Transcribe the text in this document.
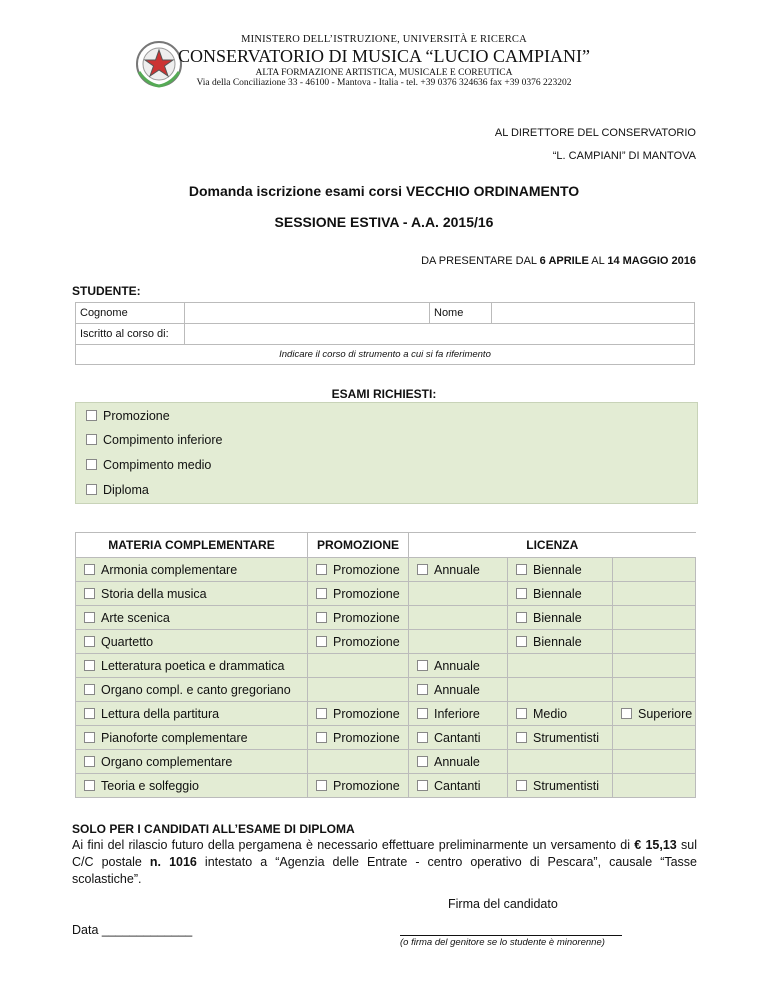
MINISTERO DELL’ISTRUZIONE, UNIVERSITÀ E RICERCA
CONSERVATORIO DI MUSICA “LUCIO CAMPIANI”
ALTA FORMAZIONE ARTISTICA, MUSICALE E COREUTICA
Via della Conciliazione 33 - 46100 - Mantova - Italia - tel. +39 0376 324636 fax +39 0376 223202
AL DIRETTORE DEL CONSERVATORIO
“L. CAMPIANI” DI MANTOVA
Domanda iscrizione esami corsi VECCHIO ORDINAMENTO
SESSIONE ESTIVA - A.A. 2015/16
DA PRESENTARE DAL 6 APRILE AL 14 MAGGIO 2016
STUDENTE:
Cognome		Nome	
Iscritto al corso di:			
Indicare il corso di strumento a cui si fa riferimento			
ESAMI RICHIESTI:
Promozione
Compimento inferiore
Compimento medio
Diploma
MATERIA COMPLEMENTARE	PROMOZIONE	LICENZA		
Armonia complementare	Promozione	Annuale	Biennale	
Storia della musica	Promozione		Biennale	
Arte scenica	Promozione		Biennale	
Quartetto	Promozione		Biennale	
Letteratura poetica e drammatica		Annuale		
Organo compl. e canto gregoriano		Annuale		
Lettura della partitura	Promozione	Inferiore	Medio	Superiore
Pianoforte complementare	Promozione	Cantanti	Strumentisti	
Organo complementare		Annuale		
Teoria e solfeggio	Promozione	Cantanti	Strumentisti	
SOLO PER I CANDIDATI ALL’ESAME DI DIPLOMA
Ai fini del rilascio futuro della pergamena è necessario effettuare preliminarmente un versamento di € 15,13 sul C/C postale n. 1016 intestato a “Agenzia delle Entrate - centro operativo di Pescara”, causale “Tasse scolastiche”.
Firma del candidato
Data _____________
(o firma del genitore se lo studente è minorenne)
